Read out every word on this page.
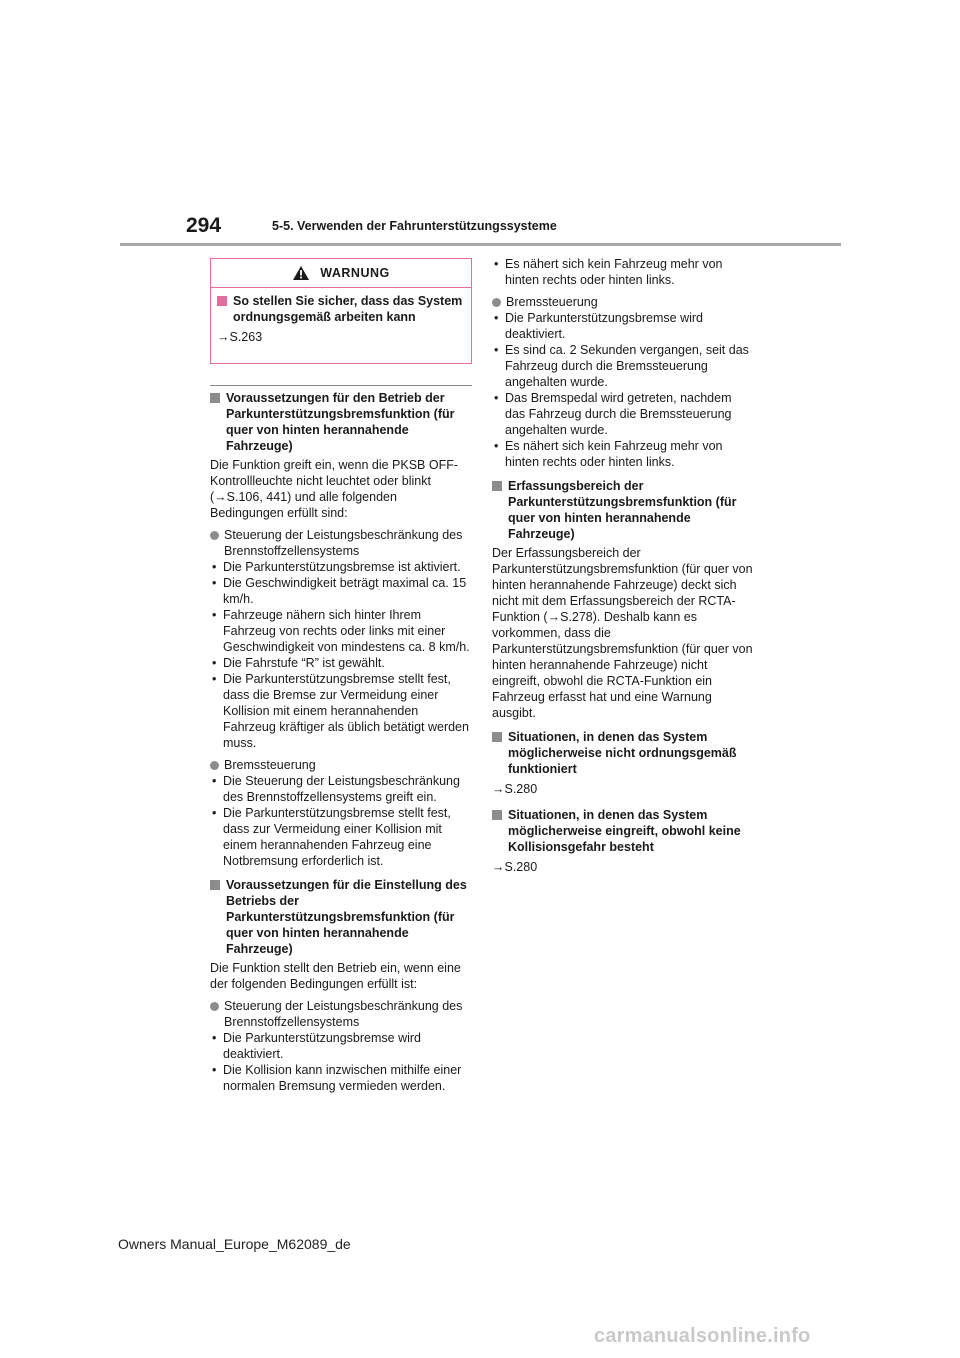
294	5-5. Verwenden der Fahrunterstützungssysteme
WARNUNG
So stellen Sie sicher, dass das System ordnungsgemäß arbeiten kann
→S.263
Voraussetzungen für den Betrieb der Parkunterstützungsbremsfunktion (für quer von hinten herannahende Fahrzeuge)

Die Funktion greift ein, wenn die PKSB OFF-Kontrollleuchte nicht leuchtet oder blinkt (→S.106, 441) und alle folgenden Bedingungen erfüllt sind:

Steuerung der Leistungsbeschränkung des Brennstoffzellensystems
• Die Parkunterstützungsbremse ist aktiviert.
• Die Geschwindigkeit beträgt maximal ca. 15 km/h.
• Fahrzeuge nähern sich hinter Ihrem Fahrzeug von rechts oder links mit einer Geschwindigkeit von mindestens ca. 8 km/h.
• Die Fahrstufe “R” ist gewählt.
• Die Parkunterstützungsbremse stellt fest, dass die Bremse zur Vermeidung einer Kollision mit einem herannahenden Fahrzeug kräftiger als üblich betätigt werden muss.
Bremssteuerung
• Die Steuerung der Leistungsbeschränkung des Brennstoffzellensystems greift ein.
• Die Parkunterstützungsbremse stellt fest, dass zur Vermeidung einer Kollision mit einem herannahenden Fahrzeug eine Notbremsung erforderlich ist.
Voraussetzungen für die Einstellung des Betriebs der Parkunterstützungsbremsfunktion (für quer von hinten herannahende Fahrzeuge)

Die Funktion stellt den Betrieb ein, wenn eine der folgenden Bedingungen erfüllt ist:

Steuerung der Leistungsbeschränkung des Brennstoffzellensystems
• Die Parkunterstützungsbremse wird deaktiviert.
• Die Kollision kann inzwischen mithilfe einer normalen Bremsung vermieden werden.
• Es nähert sich kein Fahrzeug mehr von hinten rechts oder hinten links.
Bremssteuerung
• Die Parkunterstützungsbremse wird deaktiviert.
• Es sind ca. 2 Sekunden vergangen, seit das Fahrzeug durch die Bremssteuerung angehalten wurde.
• Das Bremspedal wird getreten, nachdem das Fahrzeug durch die Bremssteuerung angehalten wurde.
• Es nähert sich kein Fahrzeug mehr von hinten rechts oder hinten links.
Erfassungsbereich der Parkunterstützungsbremsfunktion (für quer von hinten herannahende Fahrzeuge)

Der Erfassungsbereich der Parkunterstützungsbremsfunktion (für quer von hinten herannahende Fahrzeuge) deckt sich nicht mit dem Erfassungsbereich der RCTA-Funktion (→S.278). Deshalb kann es vorkommen, dass die Parkunterstützungsbremsfunktion (für quer von hinten herannahende Fahrzeuge) nicht eingreift, obwohl die RCTA-Funktion ein Fahrzeug erfasst hat und eine Warnung ausgibt.

Situationen, in denen das System möglicherweise nicht ordnungsgemäß funktioniert
→S.280
Situationen, in denen das System möglicherweise eingreift, obwohl keine Kollisionsgefahr besteht
→S.280
Owners Manual_Europe_M62089_de
carmanualsonline.info
